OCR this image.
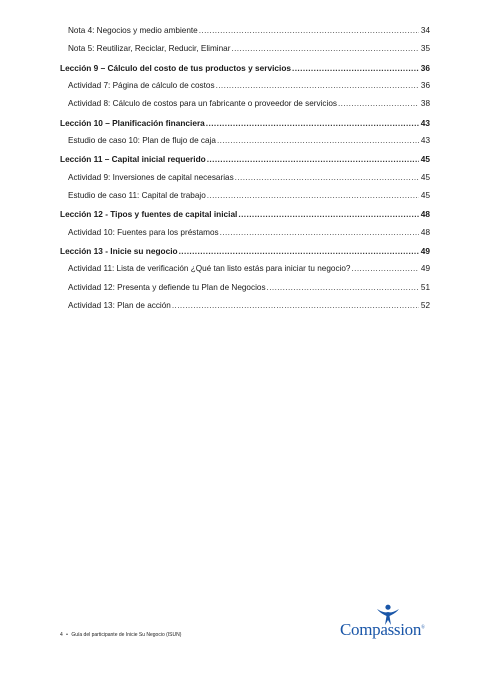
Nota 4: Negocios y medio ambiente .....	34
Nota 5: Reutilizar, Reciclar, Reducir, Eliminar .....	35
Lección 9 – Cálculo del costo de tus productos y servicios .....	36
Actividad 7: Página de cálculo de costos .....	36
Actividad 8: Cálculo de costos para un fabricante o proveedor de servicios .....	38
Lección 10 – Planificación financiera .....	43
Estudio de caso 10: Plan de flujo de caja .....	43
Lección 11 – Capital inicial requerido .....	45
Actividad 9: Inversiones de capital necesarias .....	45
Estudio de caso 11: Capital de trabajo .....	45
Lección 12 - Tipos y fuentes de capital inicial .....	48
Actividad 10: Fuentes para los préstamos .....	48
Lección 13 - Inicie su negocio .....	49
Actividad 11: Lista de verificación ¿Qué tan listo estás para iniciar tu negocio? .....	49
Actividad 12: Presenta y defiende tu Plan de Negocios .....	51
Actividad 13: Plan de acción .....	52
4 • Guía del participante de Inicie Su Negocio (ISUN)	Compassion®
